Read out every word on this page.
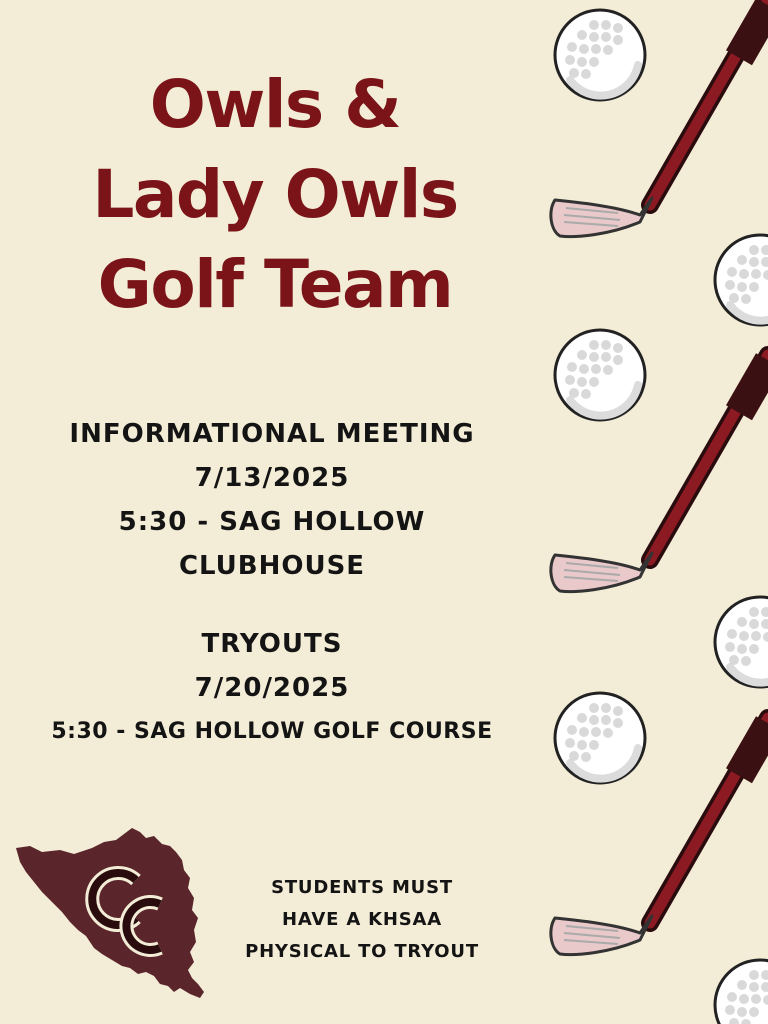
Owls &
Lady Owls
Golf Team
INFORMATIONAL MEETING
7/13/2025
5:30 - SAG HOLLOW
CLUBHOUSE
TRYOUTS
7/20/2025
5:30 - SAG HOLLOW GOLF COURSE
STUDENTS MUST
HAVE A KHSAA
PHYSICAL TO TRYOUT
